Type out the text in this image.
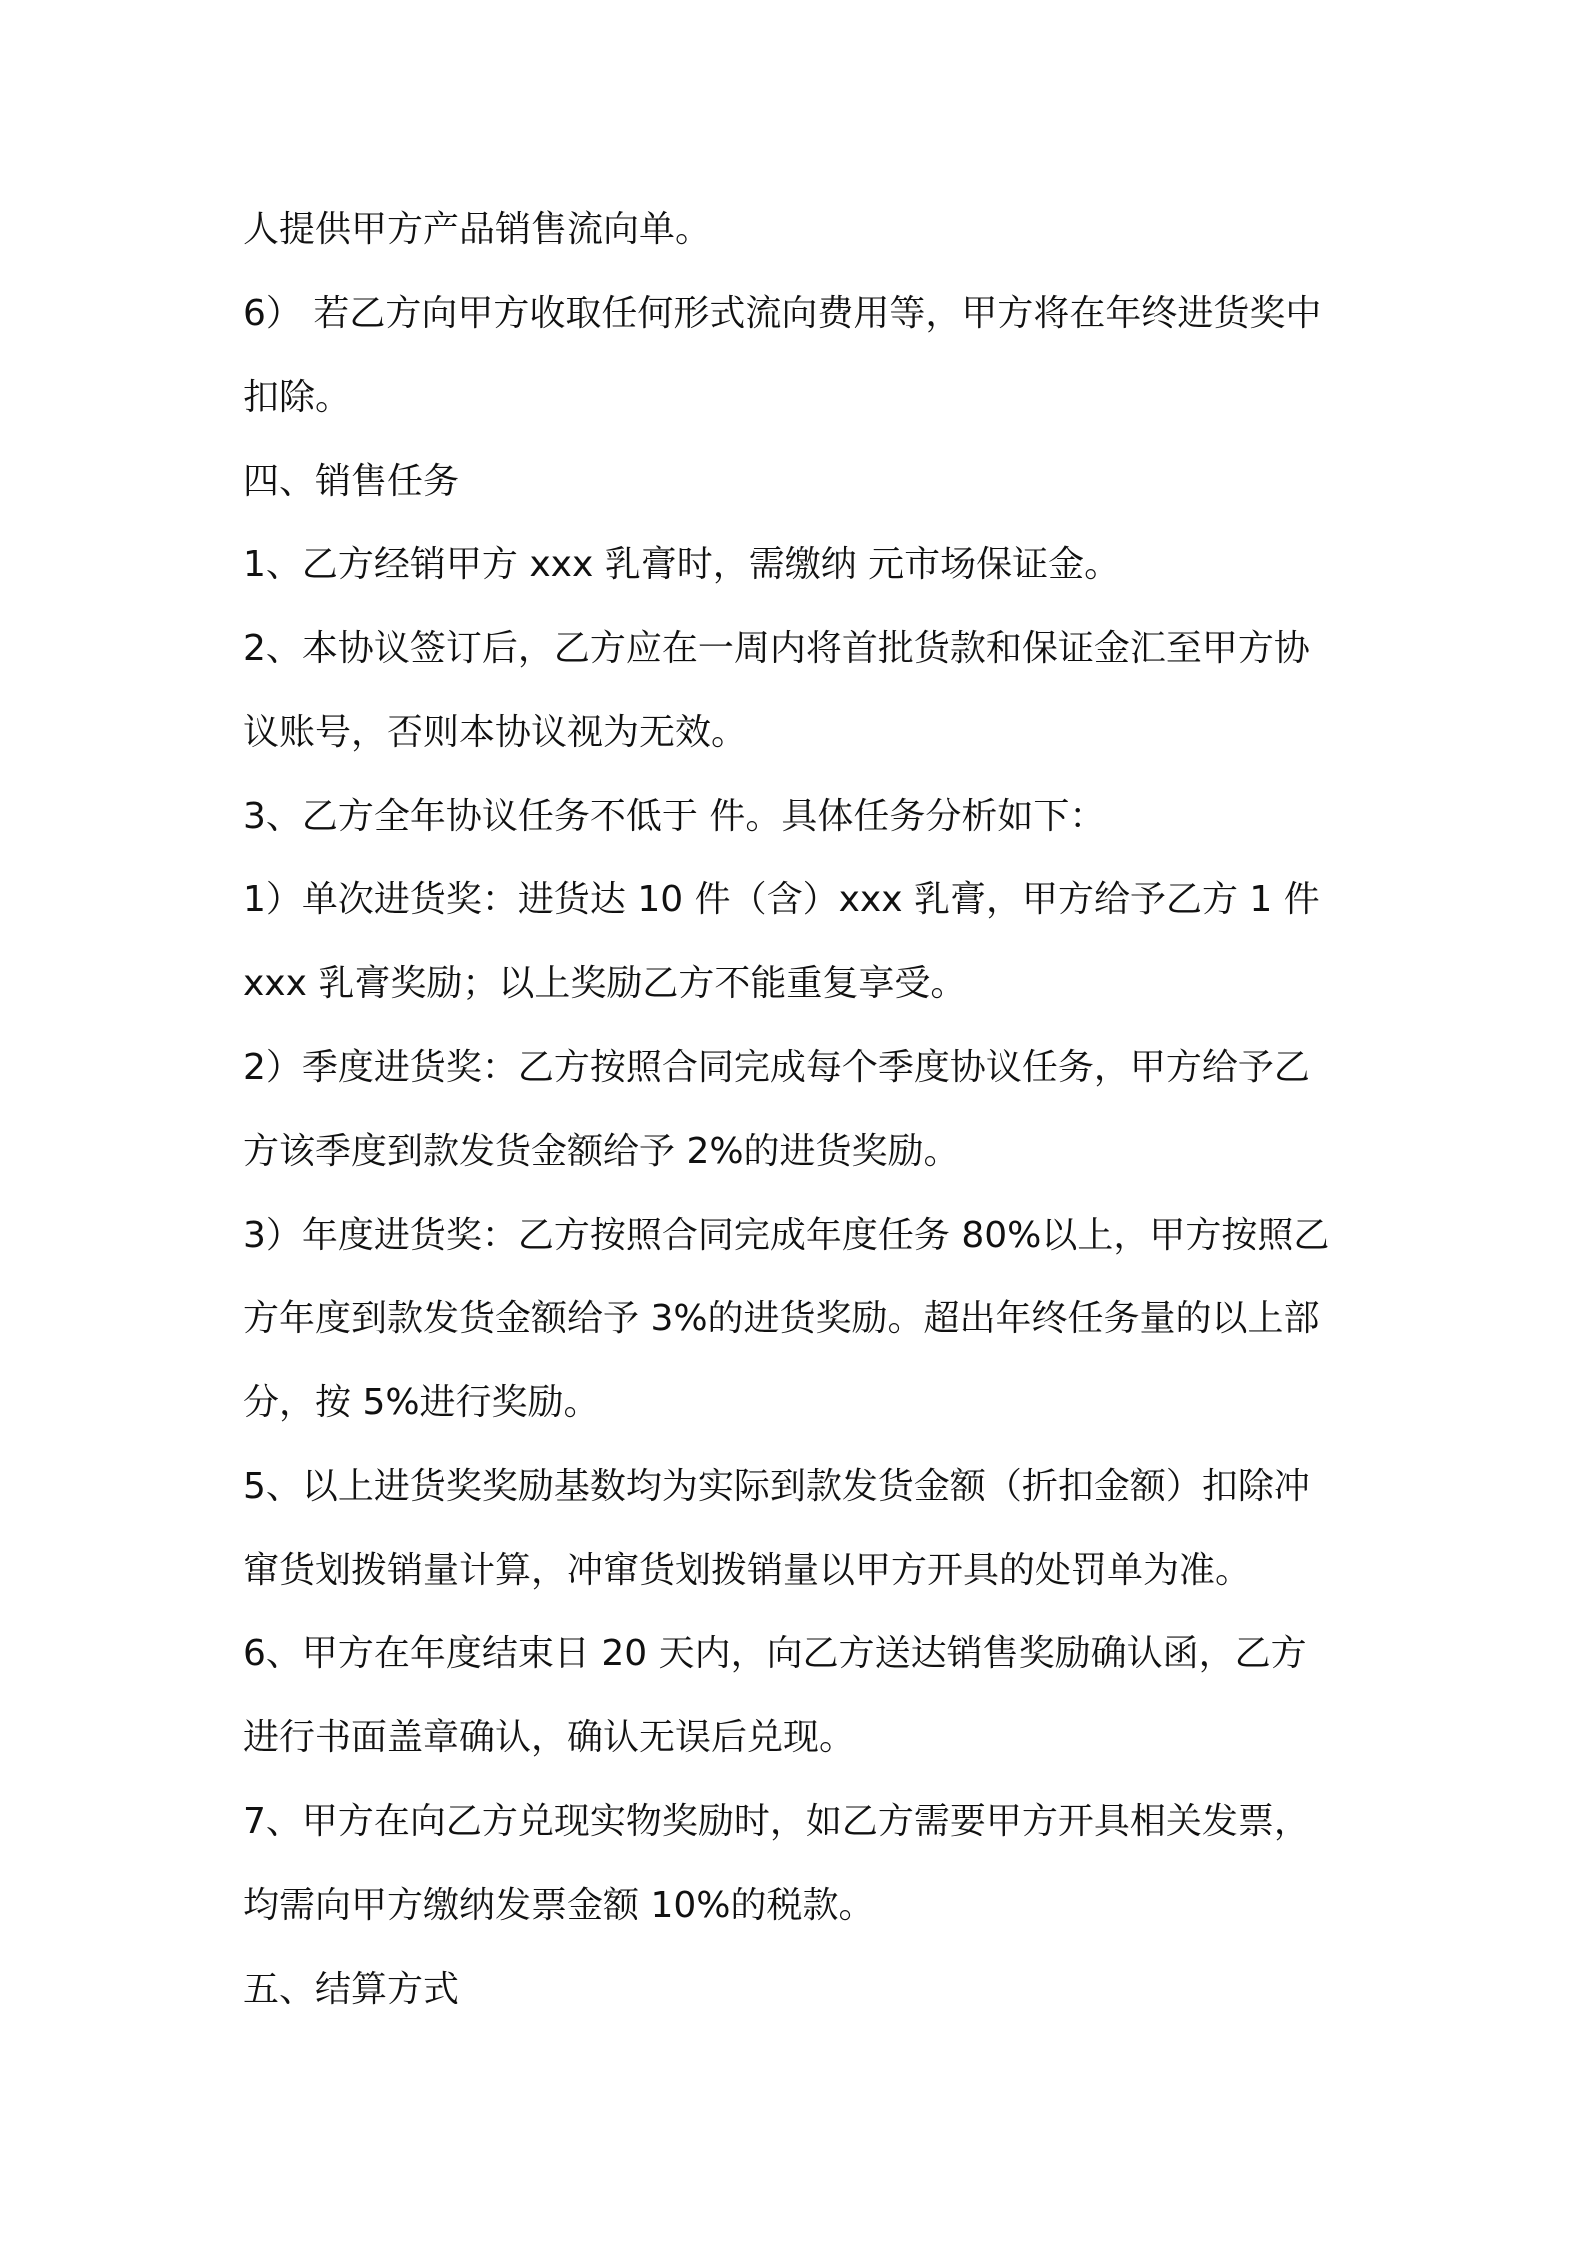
人提供甲方产品销售流向单。
6） 若乙方向甲方收取任何形式流向费用等，甲方将在年终进货奖中
扣除。
四、销售任务
1、乙方经销甲方 xxx 乳膏时，需缴纳 元市场保证金。
2、本协议签订后，乙方应在一周内将首批货款和保证金汇至甲方协
议账号，否则本协议视为无效。
3、乙方全年协议任务不低于 件。具体任务分析如下：
1）单次进货奖：进货达 10 件（含）xxx 乳膏，甲方给予乙方 1 件
xxx 乳膏奖励；以上奖励乙方不能重复享受。
2）季度进货奖：乙方按照合同完成每个季度协议任务，甲方给予乙
方该季度到款发货金额给予 2%的进货奖励。
3）年度进货奖：乙方按照合同完成年度任务 80%以上，甲方按照乙
方年度到款发货金额给予 3%的进货奖励。超出年终任务量的以上部
分，按 5%进行奖励。
5、以上进货奖奖励基数均为实际到款发货金额（折扣金额）扣除冲
窜货划拨销量计算，冲窜货划拨销量以甲方开具的处罚单为准。
6、甲方在年度结束日 20 天内，向乙方送达销售奖励确认函，乙方
进行书面盖章确认，确认无误后兑现。
7、甲方在向乙方兑现实物奖励时，如乙方需要甲方开具相关发票，
均需向甲方缴纳发票金额 10%的税款。
五、结算方式
